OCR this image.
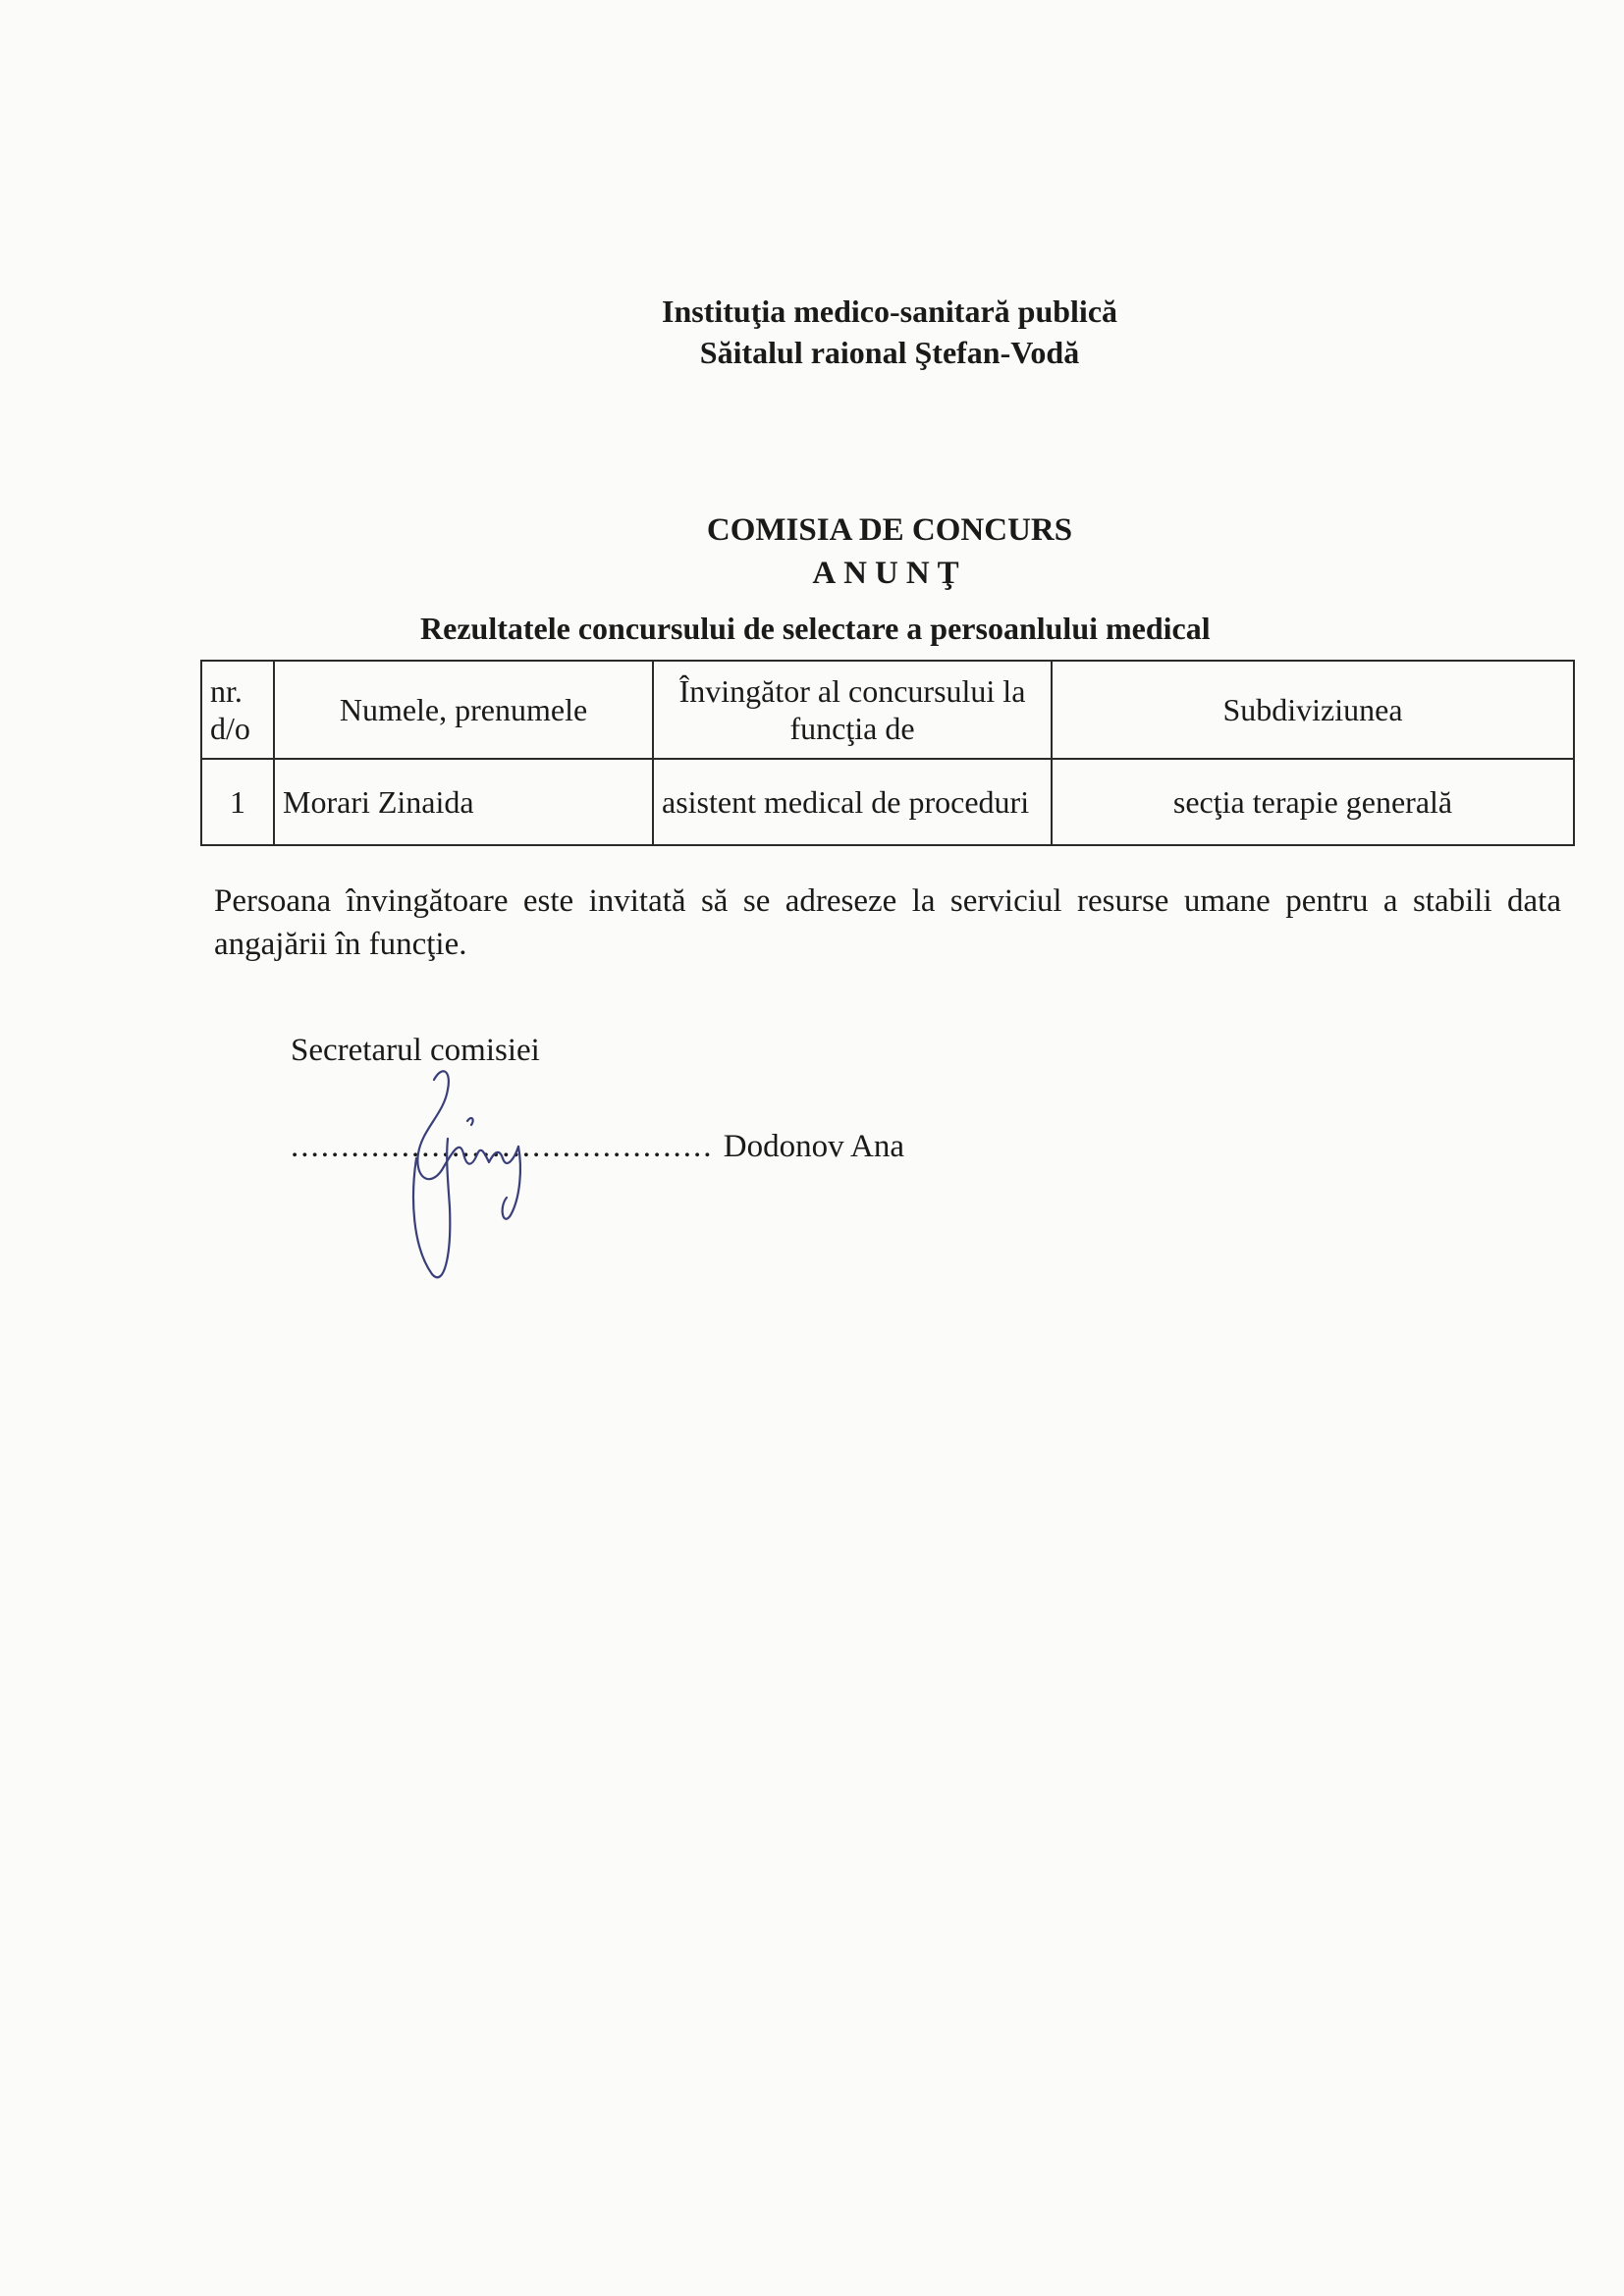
Instituţia medico-sanitară publică
Săitalul raional Ştefan-Vodă
COMISIA DE CONCURS
ANUNŢ
Rezultatele concursului de selectare a persoanlului medical
nr. d/o	Numele, prenumele	Învingător al concursului la funcţia de	Subdiviziunea
1	Morari Zinaida	asistent medical de proceduri	secţia terapie generală
Persoana învingătoare este invitată să se adreseze la serviciul resurse umane pentru a stabili data angajării în funcţie.
Secretarul comisiei
.......................................... Dodonov Ana
